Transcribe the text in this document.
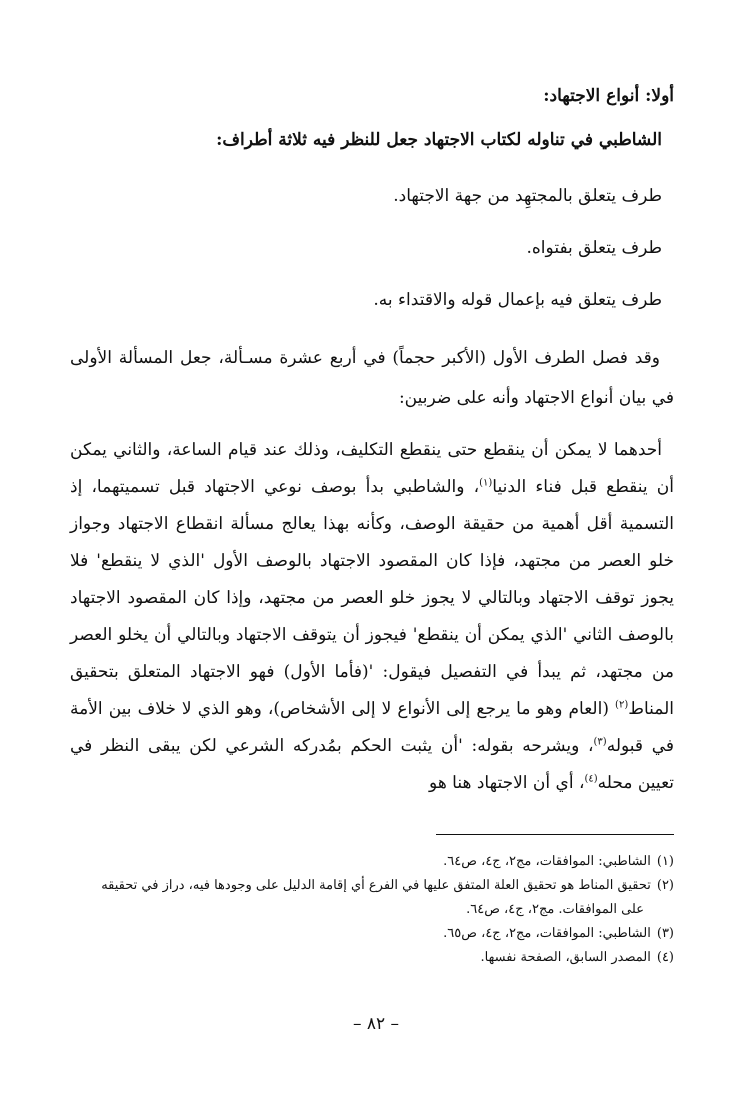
أولا: أنواع الاجتهاد:
الشاطبي في تناوله لكتاب الاجتهاد جعل للنظر فيه ثلاثة أطراف:
طرف يتعلق بالمجتهِد من جهة الاجتهاد.
طرف يتعلق بفتواه.
طرف يتعلق فيه بإعمال قوله والاقتداء به.

وقد فصل الطرف الأول (الأكبر حجماً) في أربع عشرة مسـألة، جعل المسألة الأولى في بيان أنواع الاجتهاد وأنه على ضربين:

أحدهما لا يمكن أن ينقطع حتى ينقطع التكليف، وذلك عند قيام الساعة، والثاني يمكن أن ينقطع قبل فناء الدنيا$^{(١)}$، والشاطبي بدأ بوصف نوعي الاجتهاد قبل تسميتهما، إذ التسمية أقل أهمية من حقيقة الوصف، وكأنه بهذا يعالج مسألة انقطاع الاجتهاد وجواز خلو العصر من مجتهد، فإذا كان المقصود الاجتهاد بالوصف الأول 'الذي لا ينقطع' فلا يجوز توقف الاجتهاد وبالتالي لا يجوز خلو العصر من مجتهد، وإذا كان المقصود الاجتهاد بالوصف الثاني 'الذي يمكن أن ينقطع' فيجوز أن يتوقف الاجتهاد وبالتالي أن يخلو العصر من مجتهد، ثم يبدأ في التفصيل فيقول: '(فأما الأول) فهو الاجتهاد المتعلق بتحقيق المناط$^{(٢)}$ (العام وهو ما يرجع إلى الأنواع لا إلى الأشخاص)، وهو الذي لا خلاف بين الأمة في قبوله$^{(٣)}$، ويشرحه بقوله: 'أن يثبت الحكم بمُدركه الشرعي لكن يبقى النظر في تعيين محله$^{(٤)}$، أي أن الاجتهاد هنا هو

(١)الشاطبي: الموافقات، مج٢، ج٤، ص٦٤.
(٢)تحقيق المناط هو تحقيق العلة المتفق عليها في الفرع أي إقامة الدليل على وجودها فيه، دراز في تحقيقه
على الموافقات. مج٢، ج٤، ص٦٤.
(٣)الشاطبي: الموافقات، مج٢، ج٤، ص٦٥.
(٤)المصدر السابق، الصفحة نفسها.
– ٨٢ –
